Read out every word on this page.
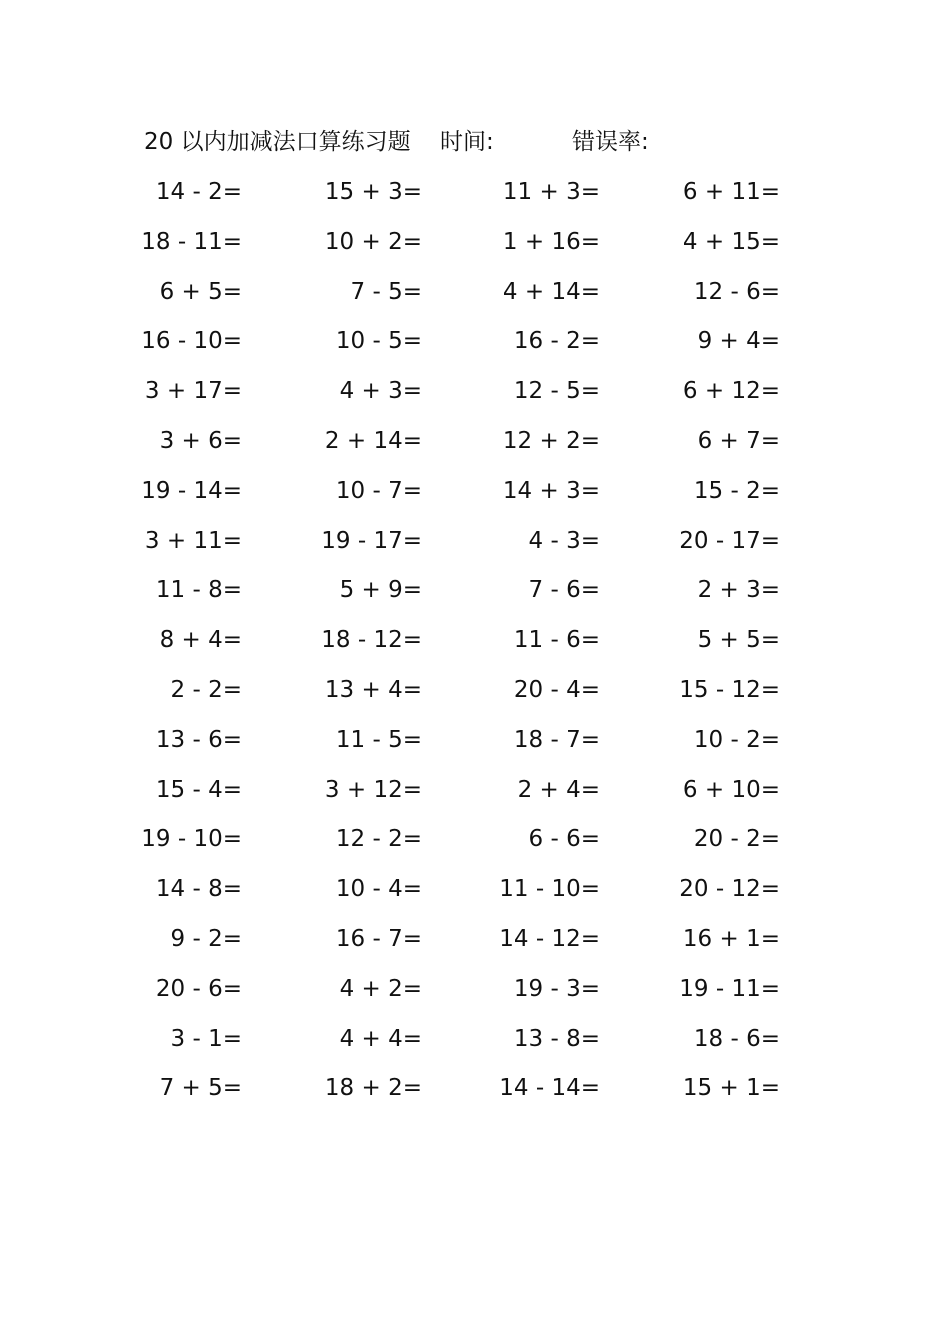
20 以内加减法口算练习题 时间:	错误率:
14 - 2=	15 + 3=	11 + 3=	6 + 11=
18 - 11=	10 + 2=	1 + 16=	4 + 15=
6 + 5=	7 - 5=	4 + 14=	12 - 6=
16 - 10=	10 - 5=	16 - 2=	9 + 4=
3 + 17=	4 + 3=	12 - 5=	6 + 12=
3 + 6=	2 + 14=	12 + 2=	6 + 7=
19 - 14=	10 - 7=	14 + 3=	15 - 2=
3 + 11=	19 - 17=	4 - 3=	20 - 17=
11 - 8=	5 + 9=	7 - 6=	2 + 3=
8 + 4=	18 - 12=	11 - 6=	5 + 5=
2 - 2=	13 + 4=	20 - 4=	15 - 12=
13 - 6=	11 - 5=	18 - 7=	10 - 2=
15 - 4=	3 + 12=	2 + 4=	6 + 10=
19 - 10=	12 - 2=	6 - 6=	20 - 2=
14 - 8=	10 - 4=	11 - 10=	20 - 12=
9 - 2=	16 - 7=	14 - 12=	16 + 1=
20 - 6=	4 + 2=	19 - 3=	19 - 11=
3 - 1=	4 + 4=	13 - 8=	18 - 6=
7 + 5=	18 + 2=	14 - 14=	15 + 1=
